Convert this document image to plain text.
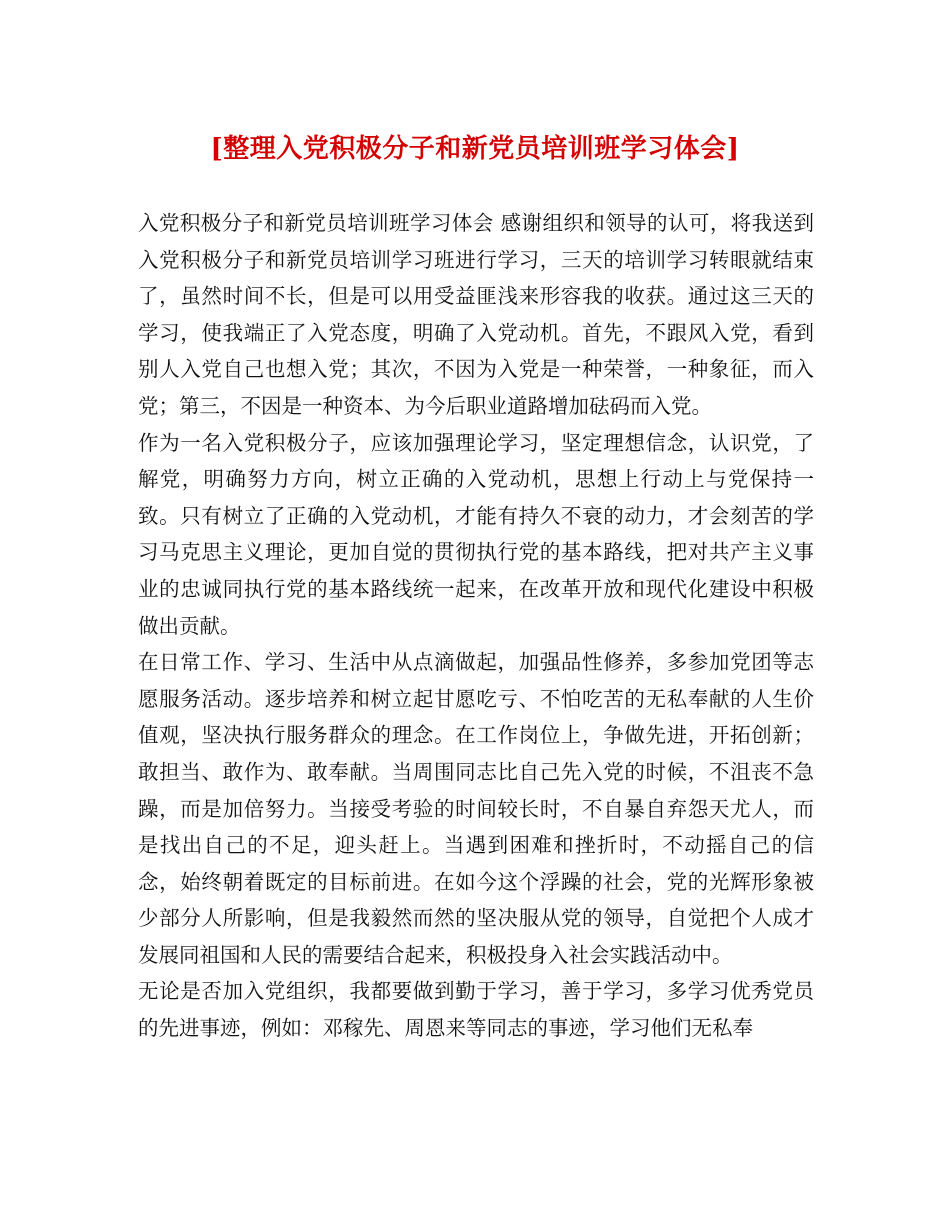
[整理入党积极分子和新党员培训班学习体会]

入党积极分子和新党员培训班学习体会 感谢组织和领导的认可，将我送到入党积极分子和新党员培训学习班进行学习，三天的培训学习转眼就结束了，虽然时间不长，但是可以用受益匪浅来形容我的收获。通过这三天的学习，使我端正了入党态度，明确了入党动机。首先，不跟风入党，看到别人入党自己也想入党；其次，不因为入党是一种荣誉，一种象征，而入党；第三，不因是一种资本、为今后职业道路增加砝码而入党。

作为一名入党积极分子，应该加强理论学习，坚定理想信念，认识党，了解党，明确努力方向，树立正确的入党动机，思想上行动上与党保持一致。只有树立了正确的入党动机，才能有持久不衰的动力，才会刻苦的学习马克思主义理论，更加自觉的贯彻执行党的基本路线，把对共产主义事业的忠诚同执行党的基本路线统一起来，在改革开放和现代化建设中积极做出贡献。

在日常工作、学习、生活中从点滴做起，加强品性修养，多参加党团等志愿服务活动。逐步培养和树立起甘愿吃亏、不怕吃苦的无私奉献的人生价值观，坚决执行服务群众的理念。在工作岗位上，争做先进，开拓创新；敢担当、敢作为、敢奉献。当周围同志比自己先入党的时候，不沮丧不急躁，而是加倍努力。当接受考验的时间较长时，不自暴自弃怨天尤人，而是找出自己的不足，迎头赶上。当遇到困难和挫折时，不动摇自己的信念，始终朝着既定的目标前进。在如今这个浮躁的社会，党的光辉形象被少部分人所影响，但是我毅然而然的坚决服从党的领导，自觉把个人成才发展同祖国和人民的需要结合起来，积极投身入社会实践活动中。

无论是否加入党组织，我都要做到勤于学习，善于学习，多学习优秀党员的先进事迹，例如：邓稼先、周恩来等同志的事迹，学习他们无私奉
